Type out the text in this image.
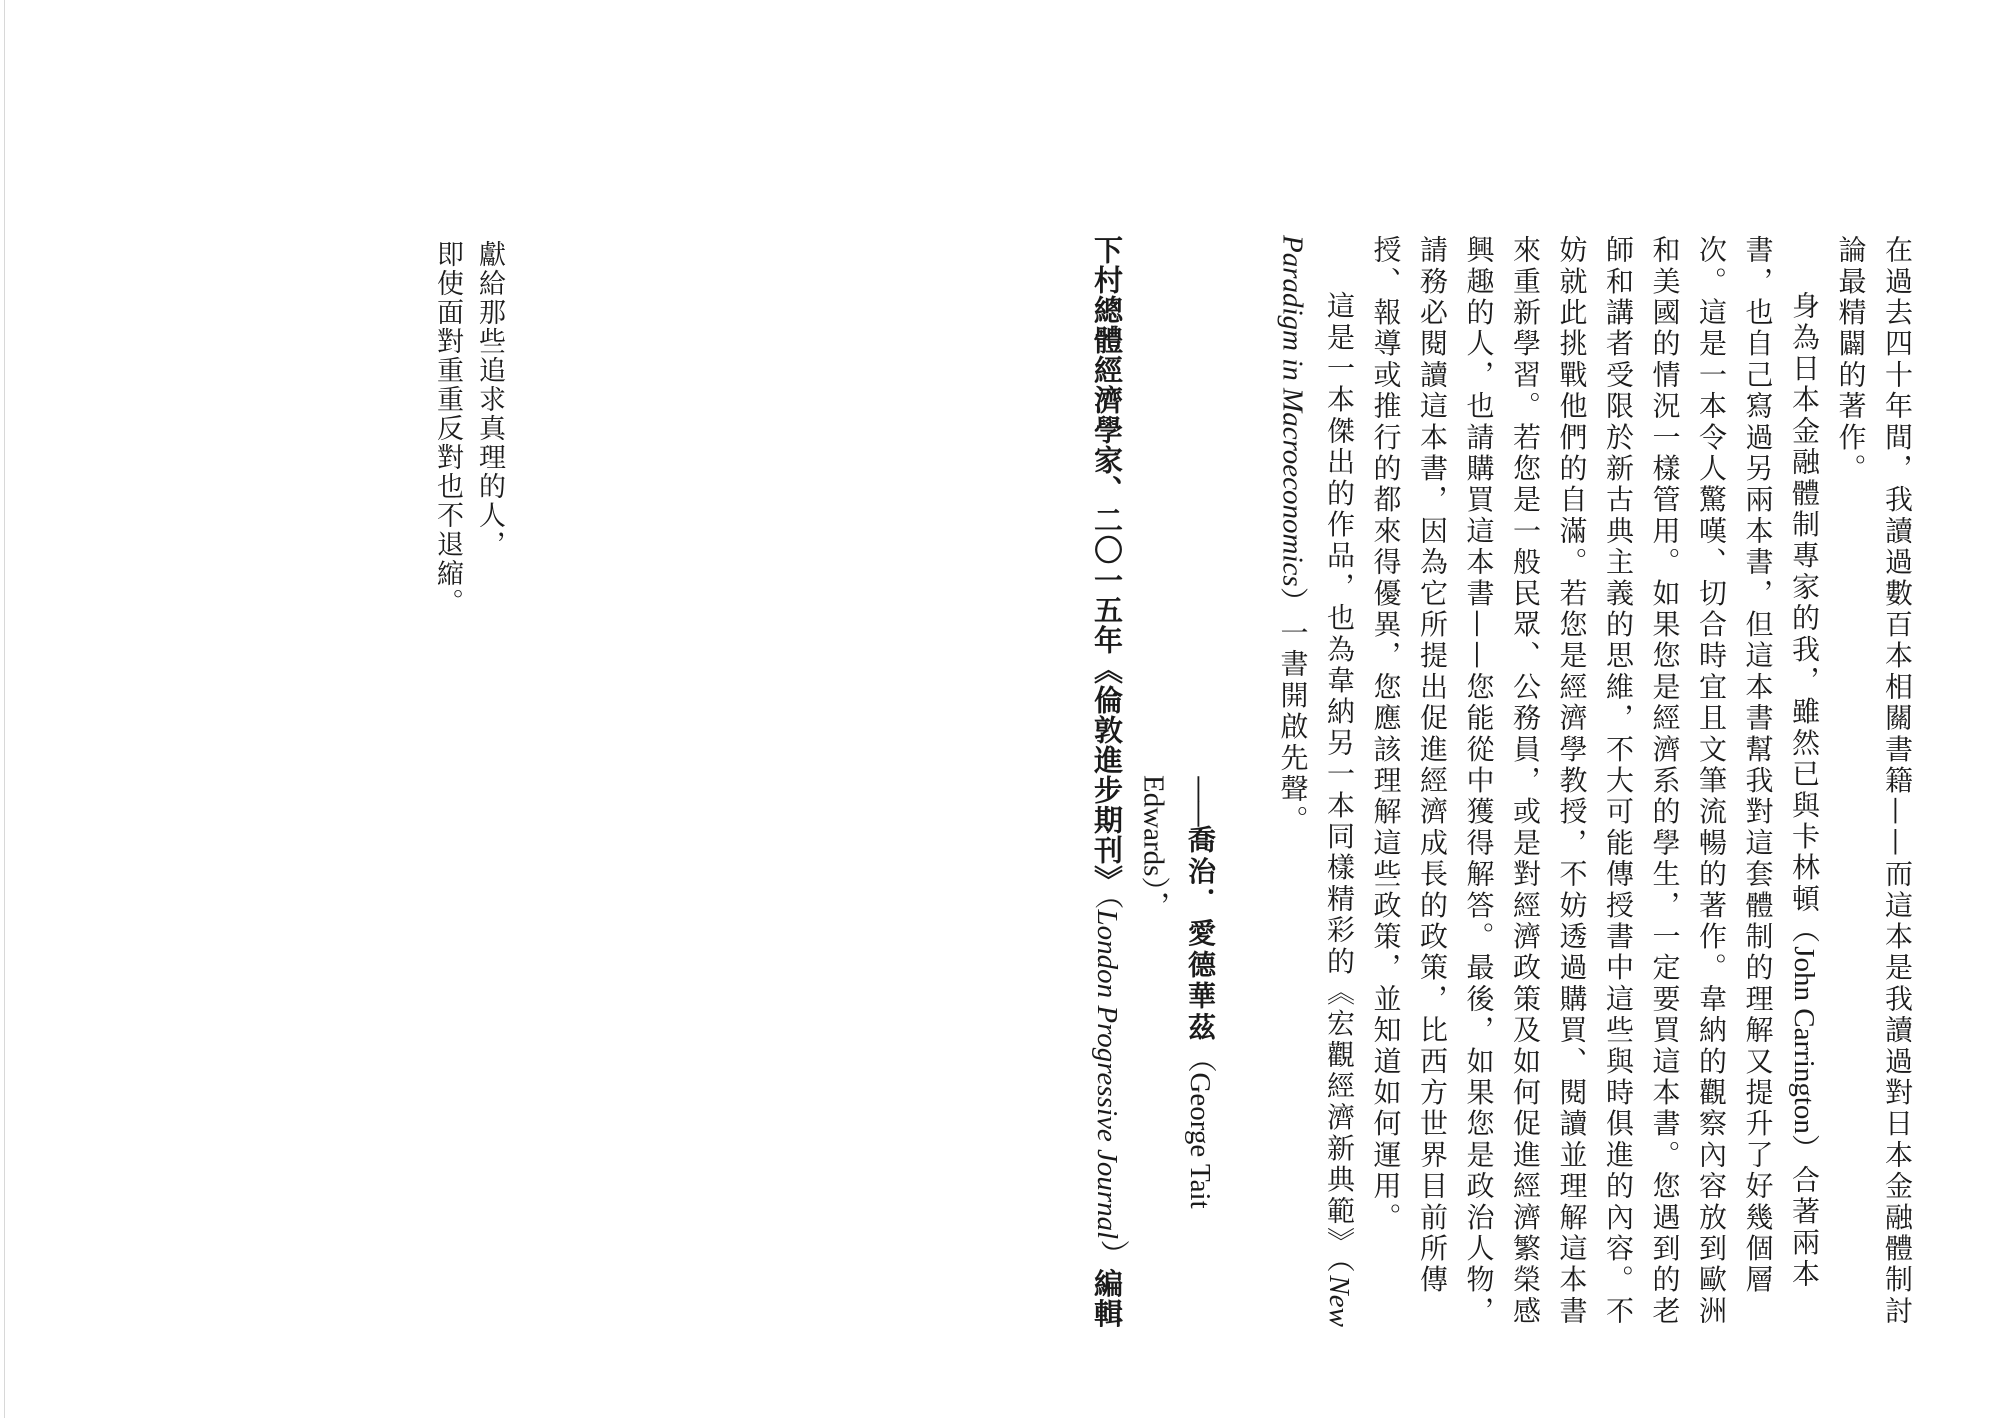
獻給那些追求真理的人，

即使面對重重反對也不退縮。	在過去四十年間，我讀過數百本相關書籍——而這本是我讀過對日本金融體制討論最精闢的著作。

身為日本金融體制專家的我，雖然已與卡林頓（John Carrington）合著兩本書，也自己寫過另兩本書，但這本書幫我對這套體制的理解又提升了好幾個層次。這是一本令人驚嘆、切合時宜且文筆流暢的著作。韋納的觀察內容放到歐洲和美國的情況一樣管用。如果您是經濟系的學生，一定要買這本書。您遇到的老師和講者受限於新古典主義的思維，不大可能傳授書中這些與時俱進的內容。不妨就此挑戰他們的自滿。若您是經濟學教授，不妨透過購買、閱讀並理解這本書來重新學習。若您是一般民眾、公務員，或是對經濟政策及如何促進經濟繁榮感興趣的人，也請購買這本書——您能從中獲得解答。最後，如果您是政治人物，請務必閱讀這本書，因為它所提出促進經濟成長的政策，比西方世界目前所傳授、報導或推行的都來得優異，您應該理解這些政策，並知道如何運用。

這是一本傑出的作品，也為韋納另一本同樣精彩的《宏觀經濟新典範》（New Paradigm in Macroeconomics）一書開啟先聲。

——喬治．愛德華茲（George Tait Edwards），

下村總體經濟學家、二〇一五年《倫敦進步期刊》（London Progressive Journal）編輯
